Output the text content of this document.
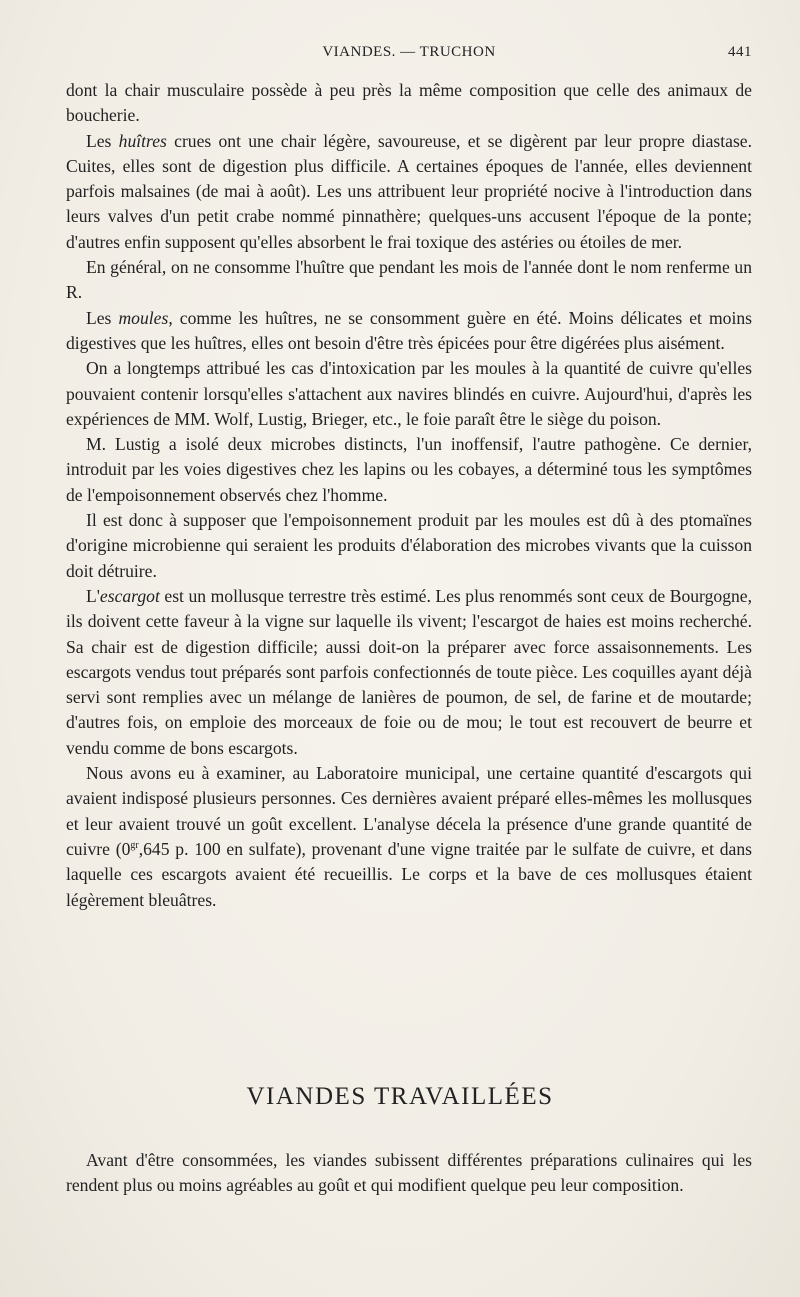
VIANDES. — TRUCHON	441

dont la chair musculaire possède à peu près la même composition que celle des animaux de boucherie.

Les huîtres crues ont une chair légère, savoureuse, et se digèrent par leur propre diastase. Cuites, elles sont de digestion plus difficile. A certaines époques de l'année, elles deviennent parfois malsaines (de mai à août). Les uns attribuent leur propriété nocive à l'introduction dans leurs valves d'un petit crabe nommé pinnathère; quelques-uns accusent l'époque de la ponte; d'autres enfin supposent qu'elles absorbent le frai toxique des astéries ou étoiles de mer.

En général, on ne consomme l'huître que pendant les mois de l'année dont le nom renferme un R.

Les moules, comme les huîtres, ne se consomment guère en été. Moins délicates et moins digestives que les huîtres, elles ont besoin d'être très épicées pour être digérées plus aisément.

On a longtemps attribué les cas d'intoxication par les moules à la quantité de cuivre qu'elles pouvaient contenir lorsqu'elles s'attachent aux navires blindés en cuivre. Aujourd'hui, d'après les expériences de MM. Wolf, Lustig, Brieger, etc., le foie paraît être le siège du poison.

M. Lustig a isolé deux microbes distincts, l'un inoffensif, l'autre pathogène. Ce dernier, introduit par les voies digestives chez les lapins ou les cobayes, a déterminé tous les symptômes de l'empoisonnement observés chez l'homme.

Il est donc à supposer que l'empoisonnement produit par les moules est dû à des ptomaïnes d'origine microbienne qui seraient les produits d'élaboration des microbes vivants que la cuisson doit détruire.

L'escargot est un mollusque terrestre très estimé. Les plus renommés sont ceux de Bourgogne, ils doivent cette faveur à la vigne sur laquelle ils vivent; l'escargot de haies est moins recherché. Sa chair est de digestion difficile; aussi doit-on la préparer avec force assaisonnements. Les escargots vendus tout préparés sont parfois confectionnés de toute pièce. Les coquilles ayant déjà servi sont remplies avec un mélange de lanières de poumon, de sel, de farine et de moutarde; d'autres fois, on emploie des morceaux de foie ou de mou; le tout est recouvert de beurre et vendu comme de bons escargots.

Nous avons eu à examiner, au Laboratoire municipal, une certaine quantité d'escargots qui avaient indisposé plusieurs personnes. Ces dernières avaient préparé elles-mêmes les mollusques et leur avaient trouvé un goût excellent. L'analyse décela la présence d'une grande quantité de cuivre ($0^{gr},645$ p. 100 en sulfate), provenant d'une vigne traitée par le sulfate de cuivre, et dans laquelle ces escargots avaient été recueillis. Le corps et la bave de ces mollusques étaient légèrement bleuâtres.

VIANDES TRAVAILLÉES

Avant d'être consommées, les viandes subissent différentes préparations culinaires qui les rendent plus ou moins agréables au goût et qui modifient quelque peu leur composition.
